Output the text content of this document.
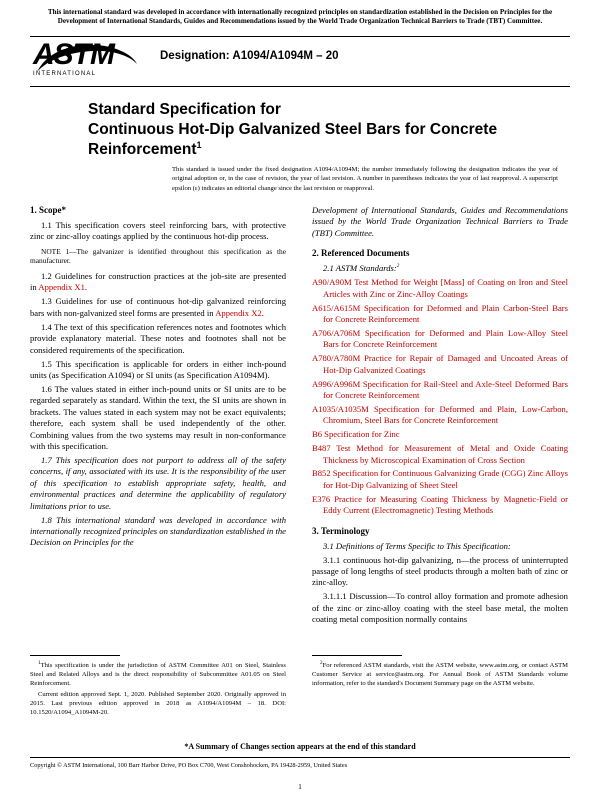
This international standard was developed in accordance with internationally recognized principles on standardization established in the Decision on Principles for the Development of International Standards, Guides and Recommendations issued by the World Trade Organization Technical Barriers to Trade (TBT) Committee.
ASTM
INTERNATIONAL
Designation: A1094/A1094M – 20
Standard Specification for
Continuous Hot-Dip Galvanized Steel Bars for Concrete
Reinforcement$^1$
This standard is issued under the fixed designation A1094/A1094M; the number immediately following the designation indicates the year of original adoption or, in the case of revision, the year of last revision. A number in parentheses indicates the year of last reapproval. A superscript epsilon (ε) indicates an editorial change since the last revision or reapproval.
1. Scope*

1.1 This specification covers steel reinforcing bars, with protective zinc or zinc-alloy coatings applied by the continuous hot-dip process.

NOTE 1—The galvanizer is identified throughout this specification as the manufacturer.

1.2 Guidelines for construction practices at the job-site are presented in Appendix X1.

1.3 Guidelines for use of continuous hot-dip galvanized reinforcing bars with non-galvanized steel forms are presented in Appendix X2.

1.4 The text of this specification references notes and footnotes which provide explanatory material. These notes and footnotes shall not be considered requirements of the specification.

1.5 This specification is applicable for orders in either inch-pound units (as Specification A1094) or SI units (as Specification A1094M).

1.6 The values stated in either inch-pound units or SI units are to be regarded separately as standard. Within the text, the SI units are shown in brackets. The values stated in each system may not be exact equivalents; therefore, each system shall be used independently of the other. Combining values from the two systems may result in non-conformance with this specification.

1.7 This specification does not purport to address all of the safety concerns, if any, associated with its use. It is the responsibility of the user of this specification to establish appropriate safety, health, and environmental practices and determine the applicability of regulatory limitations prior to use.

1.8 This international standard was developed in accordance with internationally recognized principles on standardization established in the Decision on Principles for the

Development of International Standards, Guides and Recommendations issued by the World Trade Organization Technical Barriers to Trade (TBT) Committee.

2. Referenced Documents

2.1 ASTM Standards:$^2$

A90/A90M Test Method for Weight [Mass] of Coating on Iron and Steel Articles with Zinc or Zinc-Alloy Coatings

A615/A615M Specification for Deformed and Plain Carbon-Steel Bars for Concrete Reinforcement

A706/A706M Specification for Deformed and Plain Low-Alloy Steel Bars for Concrete Reinforcement

A780/A780M Practice for Repair of Damaged and Uncoated Areas of Hot-Dip Galvanized Coatings

A996/A996M Specification for Rail-Steel and Axle-Steel Deformed Bars for Concrete Reinforcement

A1035/A1035M Specification for Deformed and Plain, Low-Carbon, Chromium, Steel Bars for Concrete Reinforcement

B6 Specification for Zinc

B487 Test Method for Measurement of Metal and Oxide Coating Thickness by Microscopical Examination of Cross Section

B852 Specification for Continuous Galvanizing Grade (CGG) Zinc Alloys for Hot-Dip Galvanizing of Sheet Steel

E376 Practice for Measuring Coating Thickness by Magnetic-Field or Eddy Current (Electromagnetic) Testing Methods

3. Terminology

3.1 Definitions of Terms Specific to This Specification:

3.1.1 continuous hot-dip galvanizing, n—the process of uninterrupted passage of long lengths of steel products through a molten bath of zinc or zinc-alloy.

3.1.1.1 Discussion—To control alloy formation and promote adhesion of the zinc or zinc-alloy coating with the steel base metal, the molten coating metal composition normally contains

$^1$This specification is under the jurisdiction of ASTM Committee A01 on Steel, Stainless Steel and Related Alloys and is the direct responsibility of Subcommittee A01.05 on Steel Reinforcement.

Current edition approved Sept. 1, 2020. Published September 2020. Originally approved in 2015. Last previous edition approved in 2018 as A1094/A1094M – 18. DOI: 10.1520/A1094_A1094M-20.

$^2$For referenced ASTM standards, visit the ASTM website, www.astm.org, or contact ASTM Customer Service at service@astm.org. For Annual Book of ASTM Standards volume information, refer to the standard's Document Summary page on the ASTM website.

*A Summary of Changes section appears at the end of this standard
Copyright © ASTM International, 100 Barr Harbor Drive, PO Box C700, West Conshohocken, PA 19428-2959, United States
1
